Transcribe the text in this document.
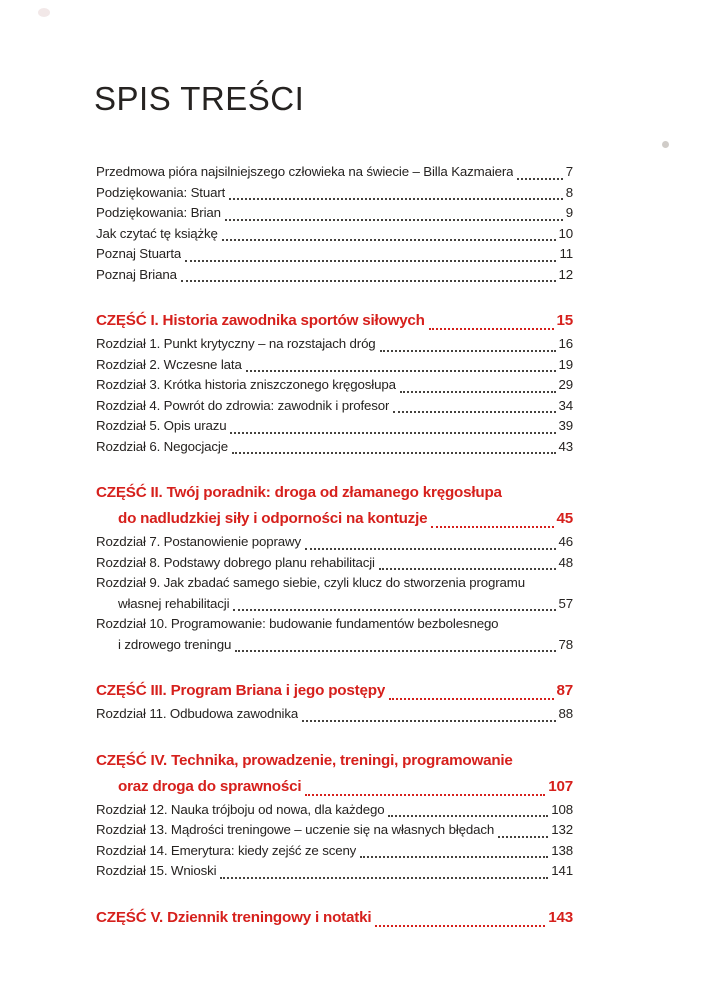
SPIS TREŚCI
Przedmowa pióra najsilniejszego człowieka na świecie – Billa Kazmaiera	7
Podziękowania: Stuart	8
Podziękowania: Brian	9
Jak czytać tę książkę	10
Poznaj Stuarta	11
Poznaj Briana	12
CZĘŚĆ I. Historia zawodnika sportów siłowych	15
Rozdział 1. Punkt krytyczny – na rozstajach dróg	16
Rozdział 2. Wczesne lata	19
Rozdział 3. Krótka historia zniszczonego kręgosłupa	29
Rozdział 4. Powrót do zdrowia: zawodnik i profesor	34
Rozdział 5. Opis urazu	39
Rozdział 6. Negocjacje	43
CZĘŚĆ II. Twój poradnik: droga od złamanego kręgosłupa
do nadludzkiej siły i odporności na kontuzje	45
Rozdział 7. Postanowienie poprawy	46
Rozdział 8. Podstawy dobrego planu rehabilitacji	48
Rozdział 9. Jak zbadać samego siebie, czyli klucz do stworzenia programu
własnej rehabilitacji	57
Rozdział 10. Programowanie: budowanie fundamentów bezbolesnego
i zdrowego treningu	78
CZĘŚĆ III. Program Briana i jego postępy	87
Rozdział 11. Odbudowa zawodnika	88
CZĘŚĆ IV. Technika, prowadzenie, treningi, programowanie
oraz droga do sprawności	107
Rozdział 12. Nauka trójboju od nowa, dla każdego	108
Rozdział 13. Mądrości treningowe – uczenie się na własnych błędach	132
Rozdział 14. Emerytura: kiedy zejść ze sceny	138
Rozdział 15. Wnioski	141
CZĘŚĆ V. Dziennik treningowy i notatki	143
